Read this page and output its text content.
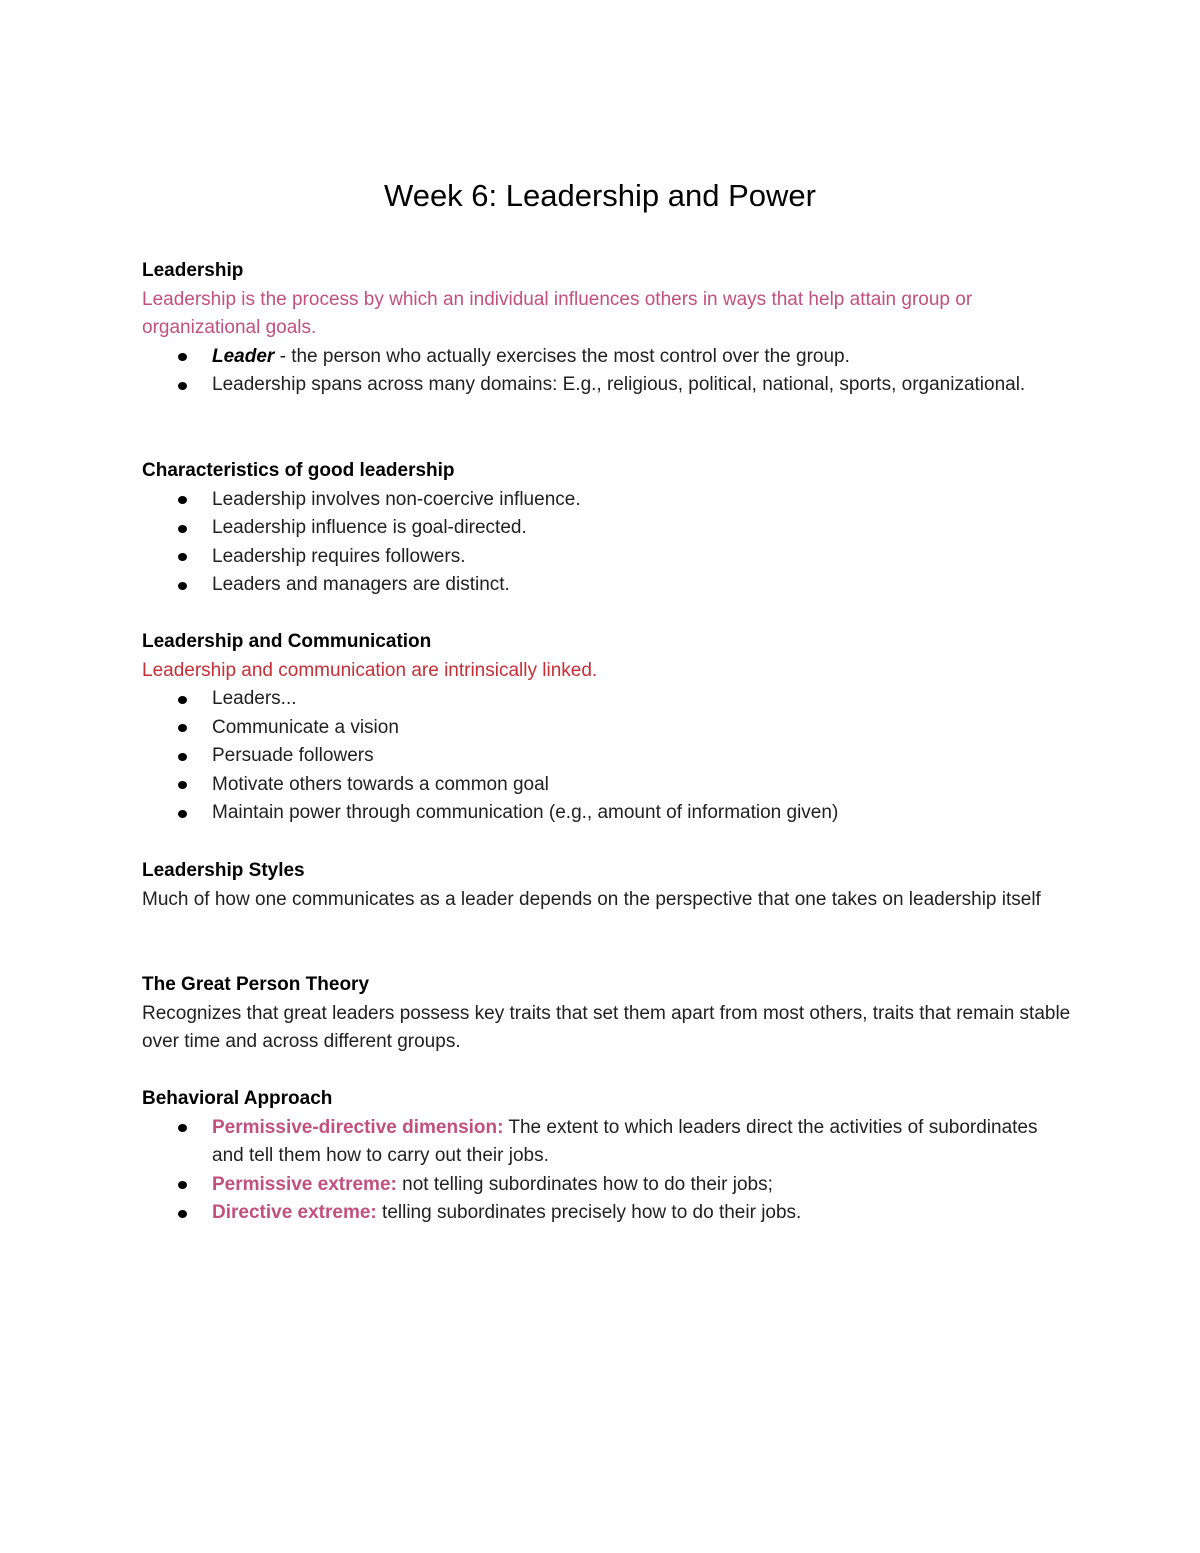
Week 6: Leadership and Power

Leadership

Leadership is the process by which an individual influences others in ways that help attain group or organizational goals.

Leader - the person who actually exercises the most control over the group.
Leadership spans across many domains: E.g., religious, political, national, sports, organizational.

Characteristics of good leadership

Leadership involves non-coercive influence.
Leadership influence is goal-directed.
Leadership requires followers.
Leaders and managers are distinct.

Leadership and Communication

Leadership and communication are intrinsically linked.

Leaders...
Communicate a vision
Persuade followers
Motivate others towards a common goal
Maintain power through communication (e.g., amount of information given)

Leadership Styles

Much of how one communicates as a leader depends on the perspective that one takes on leadership itself

The Great Person Theory

Recognizes that great leaders possess key traits that set them apart from most others, traits that remain stable over time and across different groups.

Behavioral Approach

Permissive-directive dimension: The extent to which leaders direct the activities of subordinates and tell them how to carry out their jobs.
Permissive extreme: not telling subordinates how to do their jobs;
Directive extreme: telling subordinates precisely how to do their jobs.
